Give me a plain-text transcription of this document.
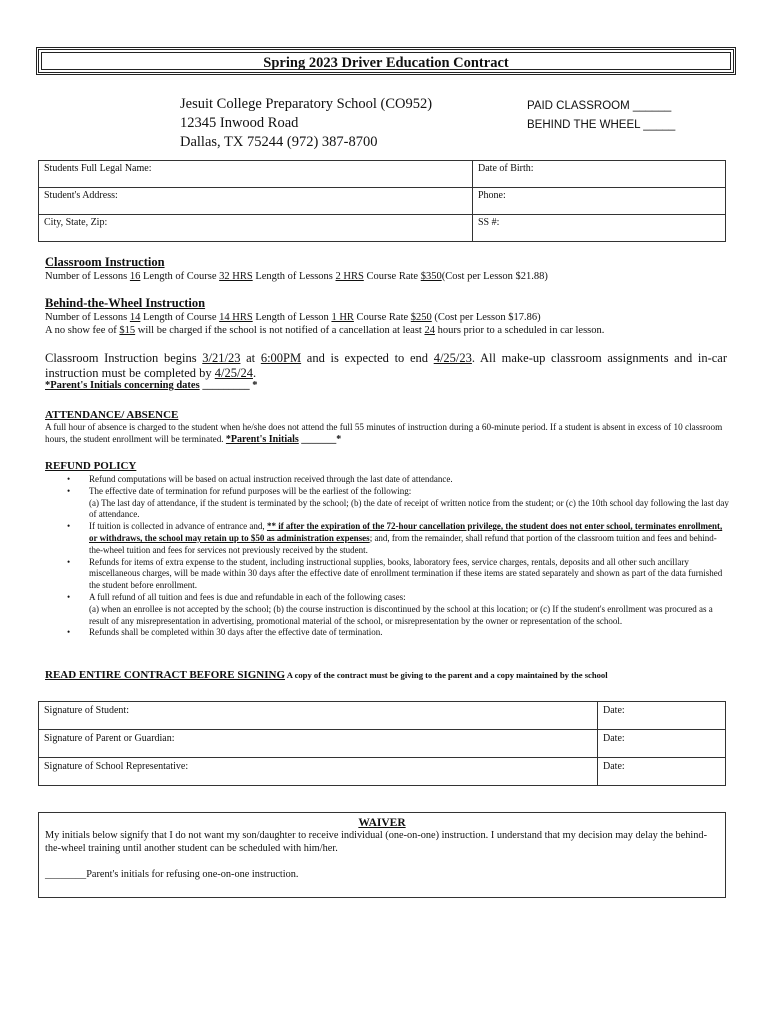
Spring 2023 Driver Education Contract
Jesuit College Preparatory School (CO952)
12345 Inwood Road
Dallas, TX 75244 (972) 387-8700
PAID CLASSROOM ______
BEHIND THE WHEEL _____
Students Full Legal Name:	Date of Birth:
Student's Address:	Phone:
City, State, Zip:	SS #:
Classroom Instruction
Number of Lessons 16 Length of Course 32 HRS Length of Lessons 2 HRS Course Rate $350(Cost per Lesson $21.88)
Behind-the-Wheel Instruction
Number of Lessons 14 Length of Course 14 HRS Length of Lesson 1 HR Course Rate $250 (Cost per Lesson $17.86)
A no show fee of $15 will be charged if the school is not notified of a cancellation at least 24 hours prior to a scheduled in car lesson.
Classroom Instruction begins 3/21/23 at 6:00PM and is expected to end 4/25/23. All make-up classroom assignments and in-car instruction must be completed by 4/25/24.
*Parent's Initials concerning dates _________ *
ATTENDANCE/ ABSENCE
A full hour of absence is charged to the student when he/she does not attend the full 55 minutes of instruction during a 60-minute period. If a student is absent in excess of 10 classroom hours, the student enrollment will be terminated. *Parent's Initials _______*
REFUND POLICY
• Refund computations will be based on actual instruction received through the last date of attendance.
• The effective date of termination for refund purposes will be the earliest of the following:
(a) The last day of attendance, if the student is terminated by the school; (b) the date of receipt of written notice from the student; or (c) the 10th school day following the last day of attendance.
• If tuition is collected in advance of entrance and, ** if after the expiration of the 72-hour cancellation privilege, the student does not enter school, terminates enrollment, or withdraws, the school may retain up to $50 as administration expenses; and, from the remainder, shall refund that portion of the classroom tuition and fees and behind-the-wheel tuition and fees for services not previously received by the student.
• Refunds for items of extra expense to the student, including instructional supplies, books, laboratory fees, service charges, rentals, deposits and all other such ancillary miscellaneous charges, will be made within 30 days after the effective date of enrollment termination if these items are stated separately and shown as part of the data furnished the student before enrollment.
• A full refund of all tuition and fees is due and refundable in each of the following cases:
(a) when an enrollee is not accepted by the school; (b) the course instruction is discontinued by the school at this location; or (c) If the student's enrollment was procured as a result of any misrepresentation in advertising, promotional material of the school, or misrepresentation by the owner or representation of the school.
• Refunds shall be completed within 30 days after the effective date of termination.
READ ENTIRE CONTRACT BEFORE SIGNING A copy of the contract must be giving to the parent and a copy maintained by the school
Signature of Student:	Date:
Signature of Parent or Guardian:	Date:
Signature of School Representative:	Date:
WAIVER
My initials below signify that I do not want my son/daughter to receive individual (one-on-one) instruction. I understand that my decision may delay the behind-the-wheel training until another student can be scheduled with him/her.
________Parent's initials for refusing one-on-one instruction.
